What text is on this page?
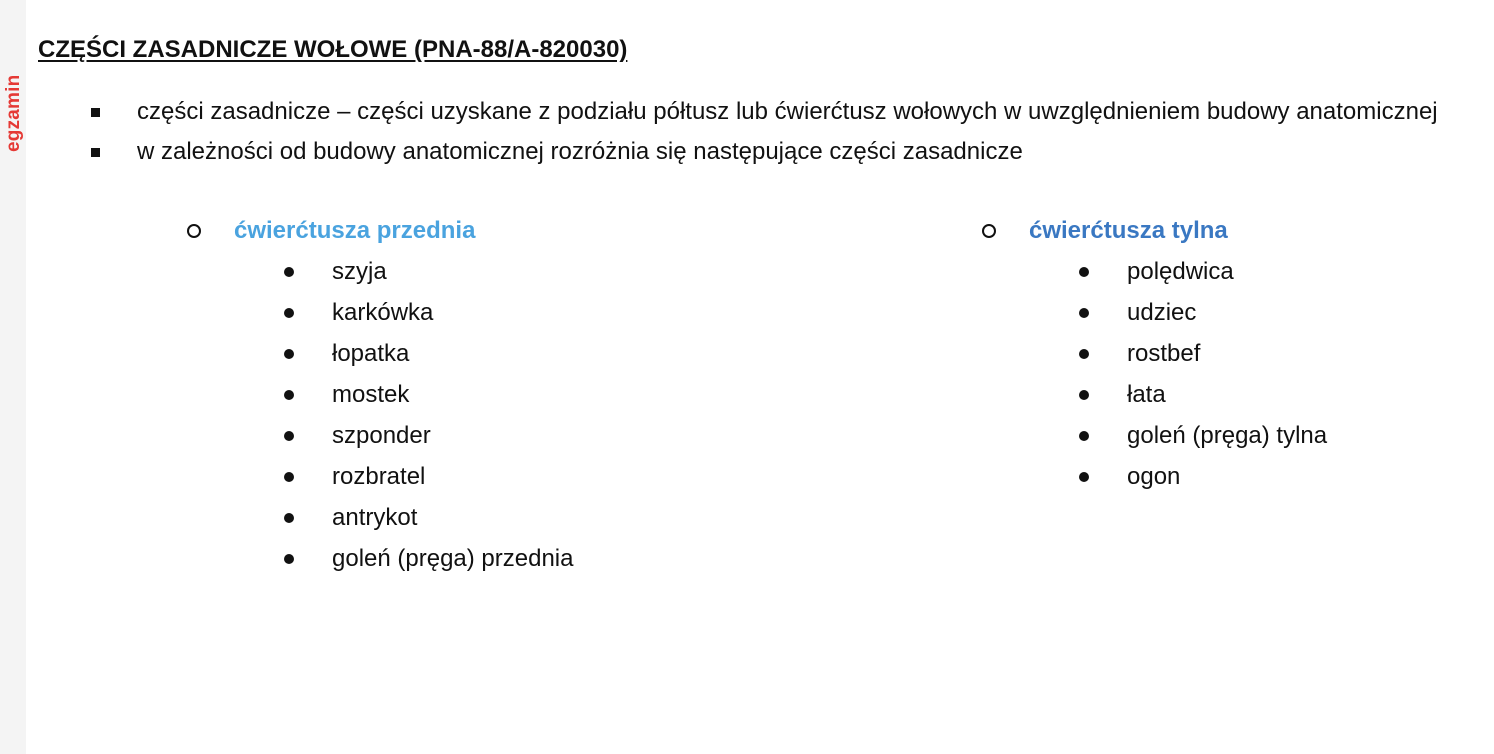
egzamin
CZĘŚCI ZASADNICZE WOŁOWE (PNA-88/A-820030)
części zasadnicze – części uzyskane z podziału półtusz lub ćwierćtusz wołowych w uwzględnieniem budowy anatomicznej
w zależności od budowy anatomicznej rozróżnia się następujące części zasadnicze
ćwierćtusza przednia
szyja
karkówka
łopatka
mostek
szponder
rozbratel
antrykot
goleń (pręga) przednia
ćwierćtusza tylna
polędwica
udziec
rostbef
łata
goleń (pręga) tylna
ogon
